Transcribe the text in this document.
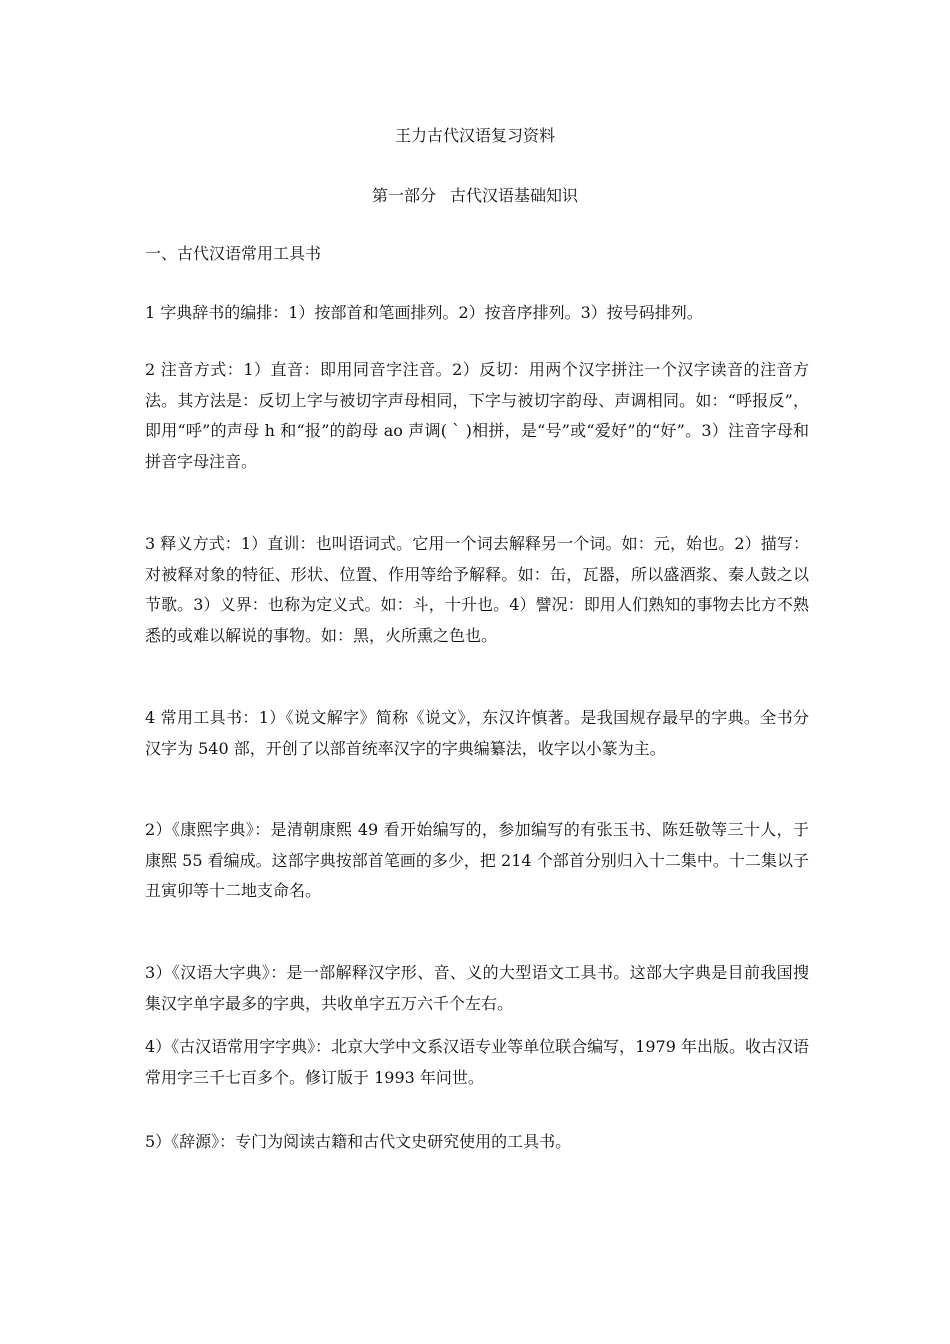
王力古代汉语复习资料
第一部分 古代汉语基础知识
一、古代汉语常用工具书

1 字典辞书的编排：1）按部首和笔画排列。2）按音序排列。3）按号码排列。

2 注音方式：1）直音：即用同音字注音。2）反切：用两个汉字拼注一个汉字读音的注音方法。其方法是：反切上字与被切字声母相同，下字与被切字韵母、声调相同。如：“呼报反”，即用“呼”的声母 h 和“报”的韵母 ao 声调( ` )相拼，是“号”或“爱好”的“好”。3）注音字母和拼音字母注音。

3 释义方式：1）直训：也叫语词式。它用一个词去解释另一个词。如：元，始也。2）描写：对被释对象的特征、形状、位置、作用等给予解释。如：缶，瓦器，所以盛酒浆、秦人鼓之以节歌。3）义界：也称为定义式。如：斗，十升也。4）譬况：即用人们熟知的事物去比方不熟悉的或难以解说的事物。如：黑，火所熏之色也。

4 常用工具书：1）《说文解字》简称《说文》，东汉许慎著。是我国规存最早的字典。全书分汉字为 540 部，开创了以部首统率汉字的字典编纂法，收字以小篆为主。

2）《康熙字典》：是清朝康熙 49 看开始编写的，参加编写的有张玉书、陈廷敬等三十人，于康熙 55 看编成。这部字典按部首笔画的多少，把 214 个部首分别归入十二集中。十二集以子丑寅卯等十二地支命名。

3）《汉语大字典》：是一部解释汉字形、音、义的大型语文工具书。这部大字典是目前我国搜集汉字单字最多的字典，共收单字五万六千个左右。

4）《古汉语常用字字典》：北京大学中文系汉语专业等单位联合编写，1979 年出版。收古汉语常用字三千七百多个。修订版于 1993 年问世。

5）《辞源》：专门为阅读古籍和古代文史研究使用的工具书。
